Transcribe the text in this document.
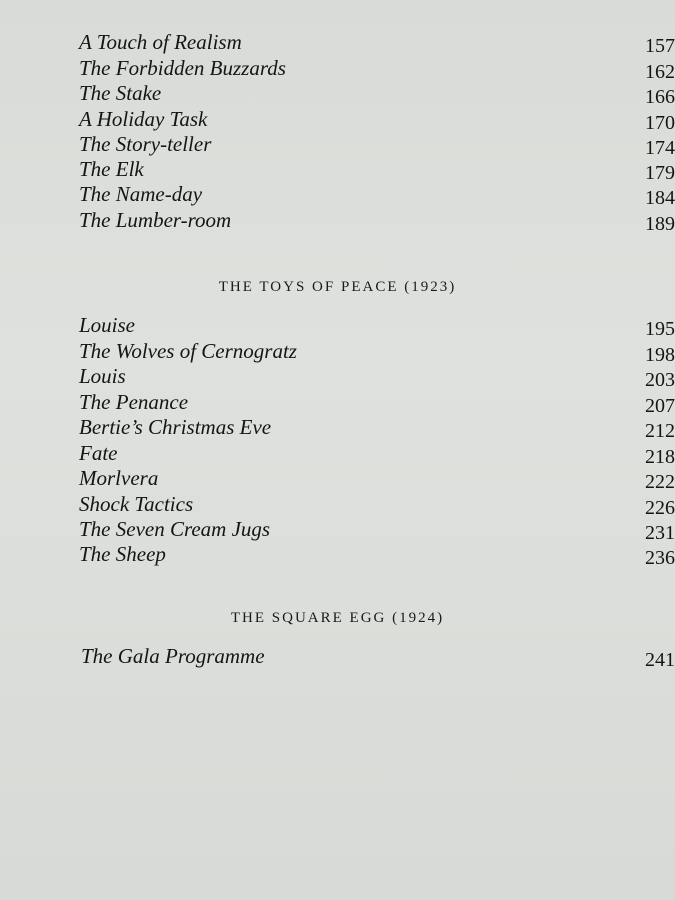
A Touch of Realism	157
The Forbidden Buzzards	162
The Stake	166
A Holiday Task	170
The Story-teller	174
The Elk	179
The Name-day	184
The Lumber-room	189
THE TOYS OF PEACE (1923)
Louise	195
The Wolves of Cernogratz	198
Louis	203
The Penance	207
Bertie’s Christmas Eve	212
Fate	218
Morlvera	222
Shock Tactics	226
The Seven Cream Jugs	231
The Sheep	236
THE SQUARE EGG (1924)
The Gala Programme	241
